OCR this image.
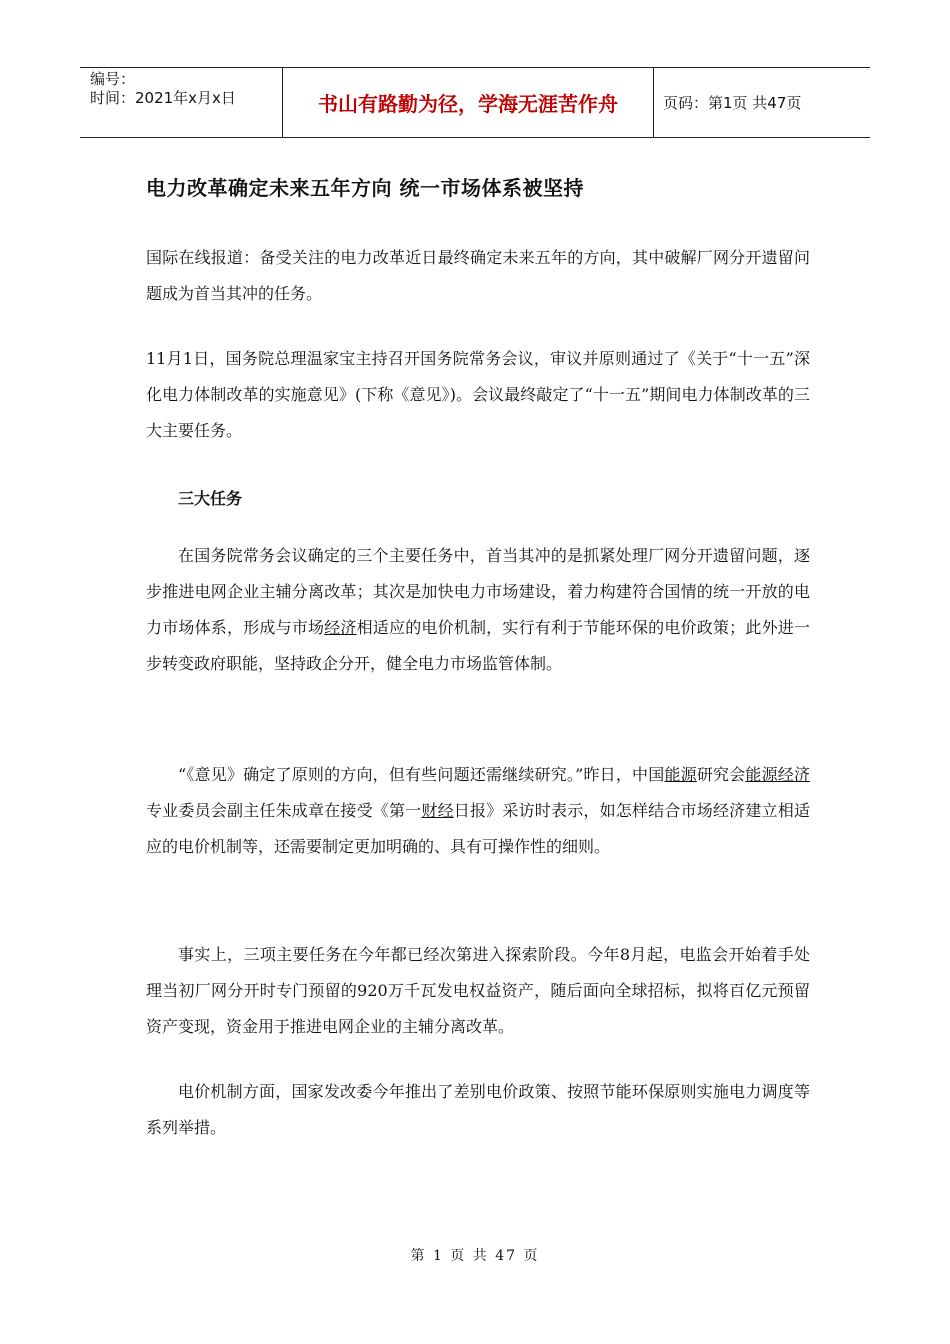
编号：
时间：2021年x月x日	书山有路勤为径，学海无涯苦作舟	页码：第1页 共47页
电力改革确定未来五年方向 统一市场体系被坚持
国际在线报道：备受关注的电力改革近日最终确定未来五年的方向，其中破解厂网分开遗留问题成为首当其冲的任务。
11月1日，国务院总理温家宝主持召开国务院常务会议，审议并原则通过了《关于“十一五”深化电力体制改革的实施意见》(下称《意见》)。会议最终敲定了“十一五”期间电力体制改革的三大主要任务。
三大任务
在国务院常务会议确定的三个主要任务中，首当其冲的是抓紧处理厂网分开遗留问题，逐步推进电网企业主辅分离改革；其次是加快电力市场建设，着力构建符合国情的统一开放的电力市场体系，形成与市场经济相适应的电价机制，实行有利于节能环保的电价政策；此外进一步转变政府职能，坚持政企分开，健全电力市场监管体制。
“《意见》确定了原则的方向，但有些问题还需继续研究。”昨日，中国能源研究会能源经济专业委员会副主任朱成章在接受《第一财经日报》采访时表示，如怎样结合市场经济建立相适应的电价机制等，还需要制定更加明确的、具有可操作性的细则。
事实上，三项主要任务在今年都已经次第进入探索阶段。今年8月起，电监会开始着手处理当初厂网分开时专门预留的920万千瓦发电权益资产，随后面向全球招标，拟将百亿元预留资产变现，资金用于推进电网企业的主辅分离改革。
电价机制方面，国家发改委今年推出了差别电价政策、按照节能环保原则实施电力调度等系列举措。
第 1 页 共 47 页
